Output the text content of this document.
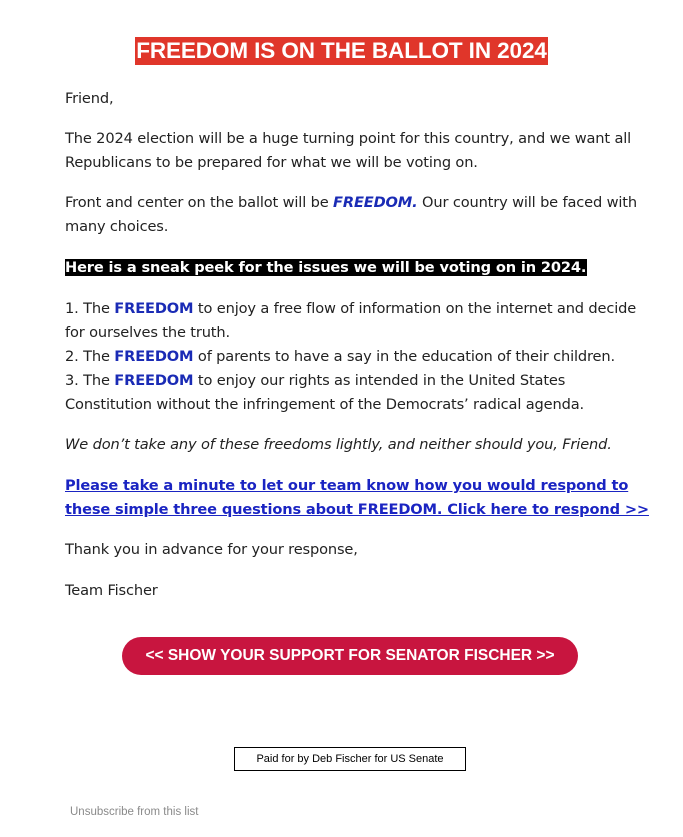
FREEDOM IS ON THE BALLOT IN 2024

Friend,

The 2024 election will be a huge turning point for this country, and we want all Republicans to be prepared for what we will be voting on.

Front and center on the ballot will be FREEDOM. Our country will be faced with many choices.

Here is a sneak peek for the issues we will be voting on in 2024.

1. The FREEDOM to enjoy a free flow of information on the internet and decide for ourselves the truth.
2. The FREEDOM of parents to have a say in the education of their children.
3. The FREEDOM to enjoy our rights as intended in the United States Constitution without the infringement of the Democrats’ radical agenda.

We don’t take any of these freedoms lightly, and neither should you, Friend.

Please take a minute to let our team know how you would respond to these simple three questions about FREEDOM. Click here to respond >>

Thank you in advance for your response,

Team Fischer

<< SHOW YOUR SUPPORT FOR SENATOR FISCHER >>
Paid for by Deb Fischer for US Senate
Unsubscribe from this list
